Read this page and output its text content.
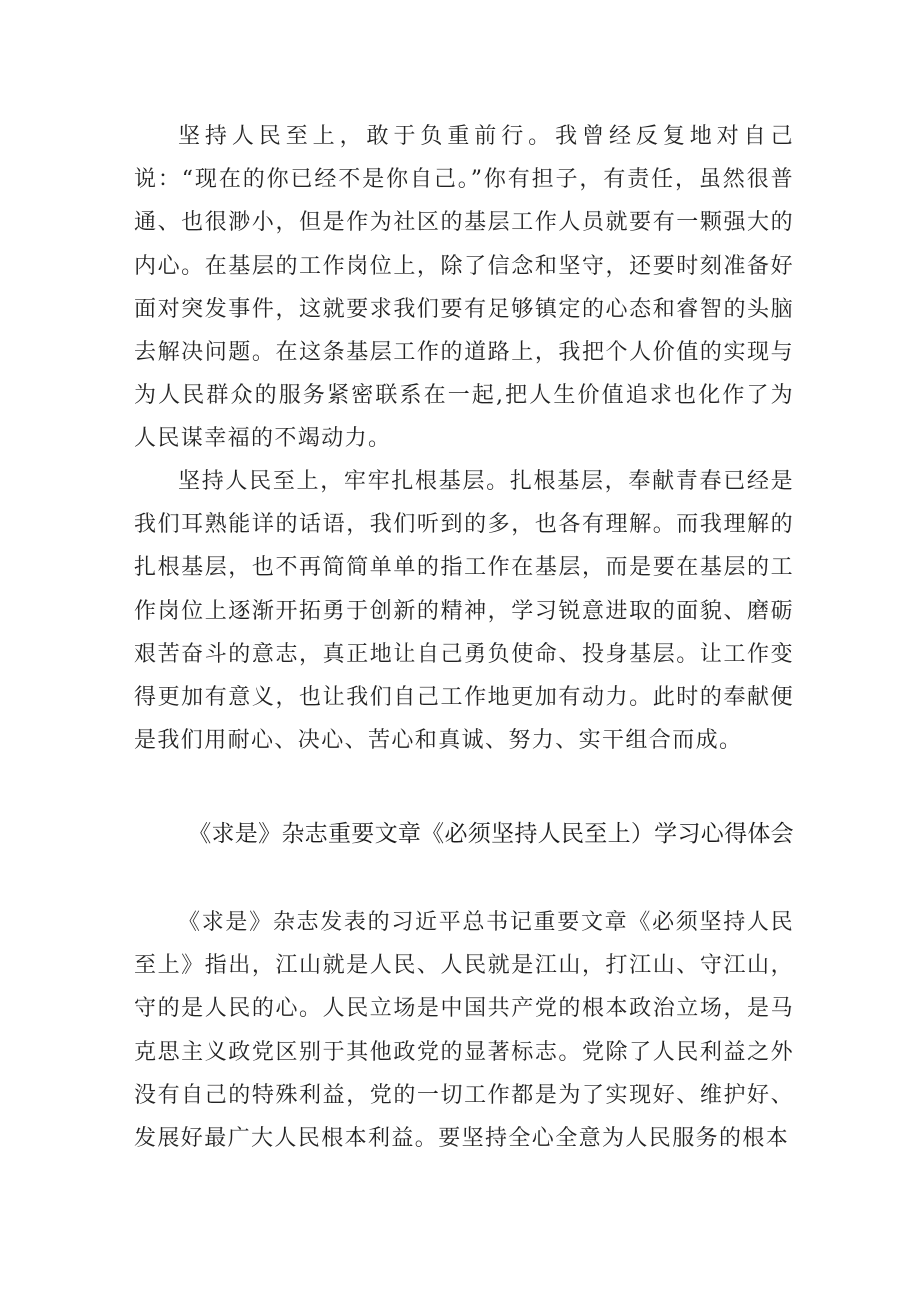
坚持人民至上，敢于负重前行。我曾经反复地对自己说：“现在的你已经不是你自己。”你有担子，有责任，虽然很普通、也很渺小，但是作为社区的基层工作人员就要有一颗强大的内心。在基层的工作岗位上，除了信念和坚守，还要时刻准备好面对突发事件，这就要求我们要有足够镇定的心态和睿智的头脑去解决问题。在这条基层工作的道路上，我把个人价值的实现与为人民群众的服务紧密联系在一起,把人生价值追求也化作了为人民谋幸福的不竭动力。

坚持人民至上，牢牢扎根基层。扎根基层，奉献青春已经是我们耳熟能详的话语，我们听到的多，也各有理解。而我理解的扎根基层，也不再简简单单的指工作在基层，而是要在基层的工作岗位上逐渐开拓勇于创新的精神，学习锐意进取的面貌、磨砺艰苦奋斗的意志，真正地让自己勇负使命、投身基层。让工作变得更加有意义，也让我们自己工作地更加有动力。此时的奉献便是我们用耐心、决心、苦心和真诚、努力、实干组合而成。

《求是》杂志重要文章《必须坚持人民至上）学习心得体会

《求是》杂志发表的习近平总书记重要文章《必须坚持人民至上》指出，江山就是人民、人民就是江山，打江山、守江山，守的是人民的心。人民立场是中国共产党的根本政治立场，是马克思主义政党区别于其他政党的显著标志。党除了人民利益之外没有自己的特殊利益，党的一切工作都是为了实现好、维护好、发展好最广大人民根本利益。要坚持全心全意为人民服务的根本
